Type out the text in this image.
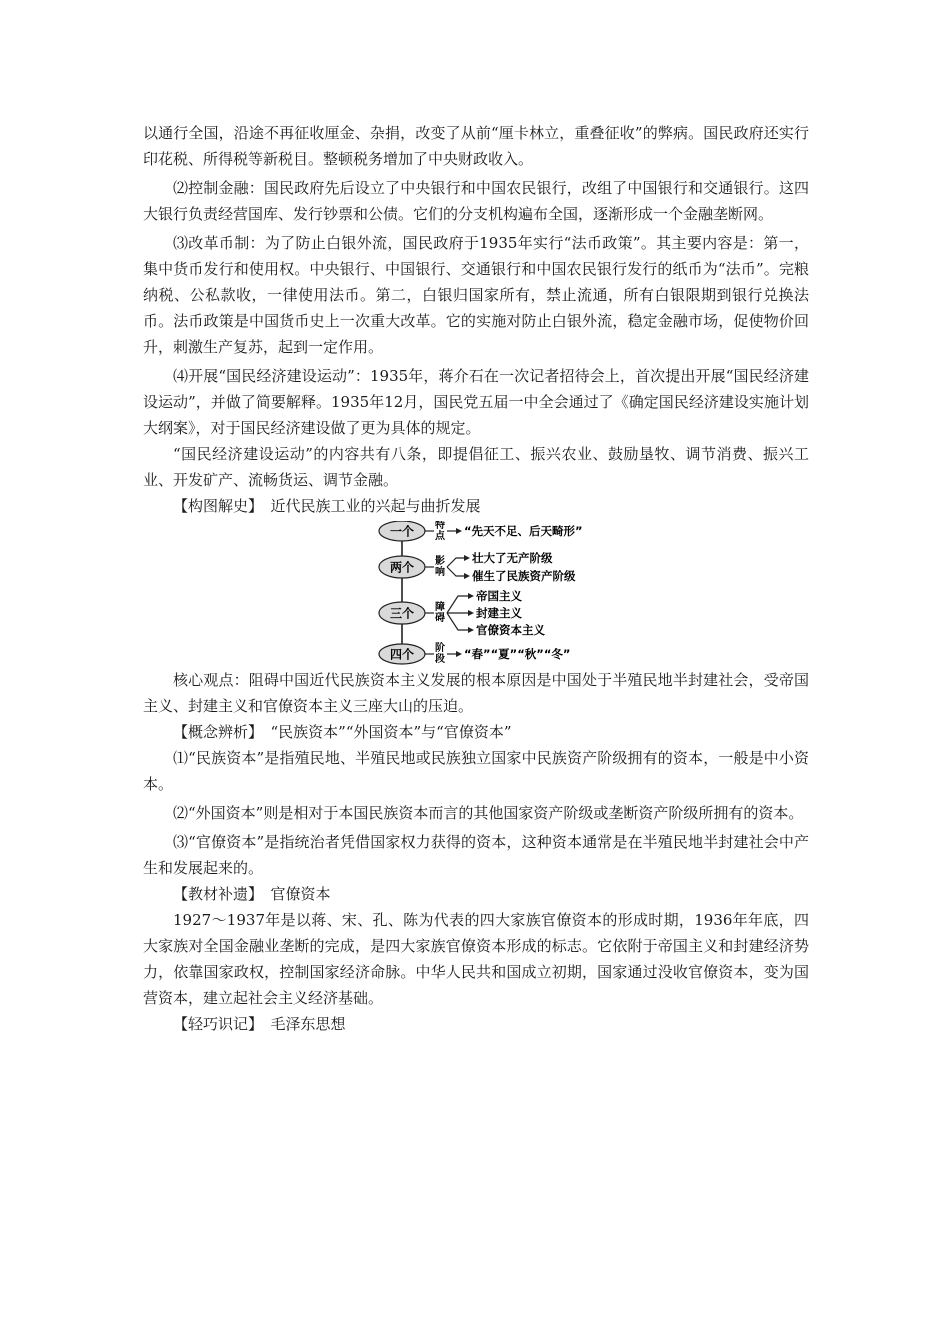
以通行全国，沿途不再征收厘金、杂捐，改变了从前“厘卡林立，重叠征收”的弊病。国民政府还实行印花税、所得税等新税目。整顿税务增加了中央财政收入。

⑵控制金融：国民政府先后设立了中央银行和中国农民银行，改组了中国银行和交通银行。这四大银行负责经营国库、发行钞票和公债。它们的分支机构遍布全国，逐渐形成一个金融垄断网。

⑶改革币制：为了防止白银外流，国民政府于1935年实行“法币政策”。其主要内容是：第一，集中货币发行和使用权。中央银行、中国银行、交通银行和中国农民银行发行的纸币为“法币”。完粮纳税、公私款收，一律使用法币。第二，白银归国家所有，禁止流通，所有白银限期到银行兑换法币。法币政策是中国货币史上一次重大改革。它的实施对防止白银外流，稳定金融市场，促使物价回升，刺激生产复苏，起到一定作用。

⑷开展“国民经济建设运动”：1935年，蒋介石在一次记者招待会上，首次提出开展“国民经济建设运动”，并做了简要解释。1935年12月，国民党五届一中全会通过了《确定国民经济建设实施计划大纲案》，对于国民经济建设做了更为具体的规定。

“国民经济建设运动”的内容共有八条，即提倡征工、振兴农业、鼓励垦牧、调节消费、振兴工业、开发矿产、流畅货运、调节金融。

【构图解史】　近代民族工业的兴起与曲折发展

一个 特
点 “先天不足、后天畸形”
两个 影
响
壮大了无产阶级
催生了民族资产阶级
三个 障
碍
帝国主义
封建主义
官僚资本主义
四个 阶
段 “春”“夏”“秋”“冬”

核心观点：阻碍中国近代民族资本主义发展的根本原因是中国处于半殖民地半封建社会，受帝国主义、封建主义和官僚资本主义三座大山的压迫。

【概念辨析】　“民族资本”“外国资本”与“官僚资本”

⑴“民族资本”是指殖民地、半殖民地或民族独立国家中民族资产阶级拥有的资本，一般是中小资本。

⑵“外国资本”则是相对于本国民族资本而言的其他国家资产阶级或垄断资产阶级所拥有的资本。

⑶“官僚资本”是指统治者凭借国家权力获得的资本，这种资本通常是在半殖民地半封建社会中产生和发展起来的。

【教材补遗】　官僚资本

1927～1937年是以蒋、宋、孔、陈为代表的四大家族官僚资本的形成时期，1936年年底，四大家族对全国金融业垄断的完成，是四大家族官僚资本形成的标志。它依附于帝国主义和封建经济势力，依靠国家政权，控制国家经济命脉。中华人民共和国成立初期，国家通过没收官僚资本，变为国营资本，建立起社会主义经济基础。

【轻巧识记】　毛泽东思想
